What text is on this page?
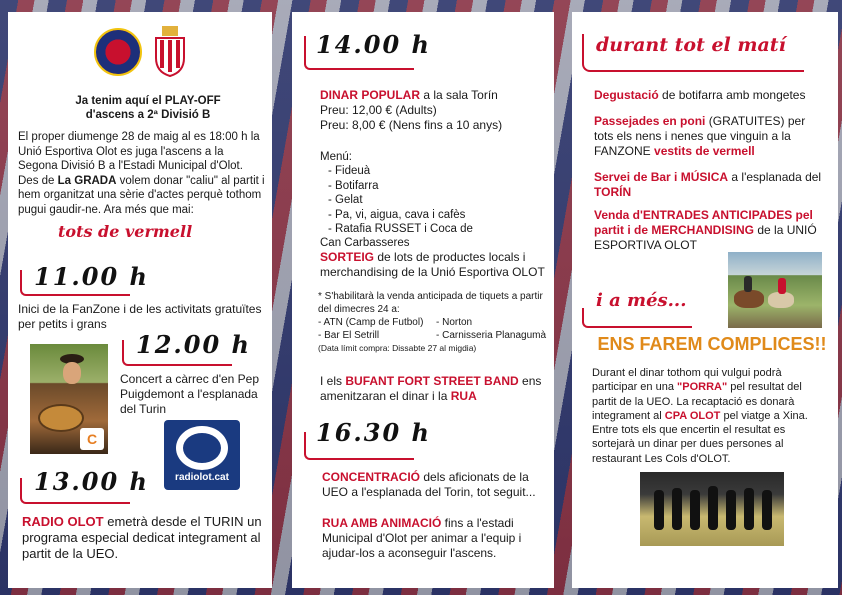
Ja tenim aquí el PLAY-OFF d'ascens a 2ª Divisió B
El proper diumenge 28 de maig al es 18:00 h la Unió Esportiva Olot es juga l'ascens a la Segona Divisió B a l'Estadi Municipal d'Olot. Des de La GRADA volem donar "caliu" al partit i hem organitzat una sèrie d'actes perquè tothom pugui gaudir-ne. Ara més que mai:
tots de vermell
11.00 h
Inici de la FanZone i de les activitats gratuïtes per petits i grans
C
12.00 h
Concert a càrrec d'en Pep Puigdemont a l'esplanada del Turin
13.00 h	radiolot.cat
RADIO OLOT emetrà desde el TURIN un programa especial dedicat integrament al partit de la UEO.
14.00 h
DINAR POPULAR a la sala Torín
Preu: 12,00 € (Adults)
Preu: 8,00 € (Nens fins a 10 anys)
Menú:
- Fideuà
- Botifarra
- Gelat
- Pa, vi, aigua, cava i cafès
- Ratafia RUSSET i Coca de
Can Carbasseres
SORTEIG de lots de productes locals i merchandising de la Unió Esportiva OLOT
* S'habilitarà la venda anticipada de tiquets a partir del dimecres 24 a:
- ATN (Camp de Futbol)
- Bar El Setrill
- Norton
- Carnisseria Planagumà
(Data límit compra: Dissabte 27 al migdia)
I els BUFANT FORT STREET BAND ens amenitzaran el dinar i la RUA
16.30 h
CONCENTRACIÓ dels aficionats de la UEO a l'esplanada del Torin, tot seguit...
RUA AMB ANIMACIÓ fins a l'estadi Municipal d'Olot per animar a l'equip i ajudar-los a aconseguir l'ascens.
durant tot el matí
Degustació de botifarra amb mongetes
Passejades en poni (GRATUITES) per tots els nens i nenes que vinguin a la FANZONE vestits de vermell
Servei de Bar i MÚSICA a l'esplanada del TORÍN
Venda d'ENTRADES ANTICIPADES pel partit i de MERCHANDISING de la UNIÓ ESPORTIVA OLOT
i a més...
ENS FAREM COMPLICES!!
Durant el dinar tothom qui vulgui podrà participar en una "PORRA" pel resultat del partit de la UEO. La recaptació es donarà integrament al CPA OLOT pel viatge a Xina. Entre tots els que encertin el resultat es sortejarà un dinar per dues persones al restaurant Les Cols d'OLOT.
